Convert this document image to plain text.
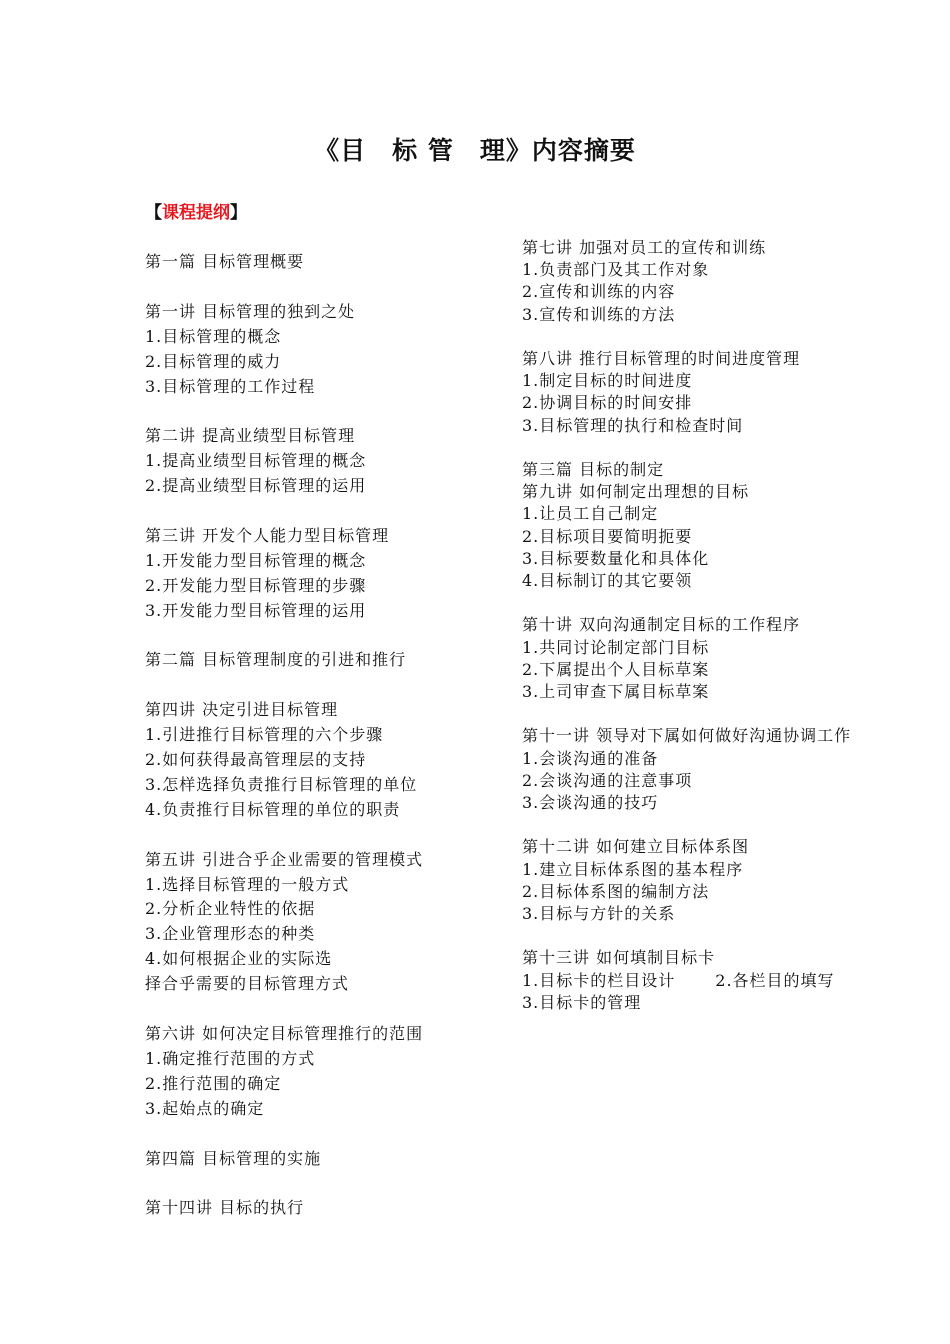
《目　标 管　理》内容摘要
【课程提纲】
第一篇 目标管理概要
第一讲 目标管理的独到之处
1.目标管理的概念
2.目标管理的威力
3.目标管理的工作过程
第二讲 提高业绩型目标管理
1.提高业绩型目标管理的概念
2.提高业绩型目标管理的运用
第三讲 开发个人能力型目标管理
1.开发能力型目标管理的概念
2.开发能力型目标管理的步骤
3.开发能力型目标管理的运用
第二篇 目标管理制度的引进和推行
第四讲 决定引进目标管理
1.引进推行目标管理的六个步骤
2.如何获得最高管理层的支持
3.怎样选择负责推行目标管理的单位
4.负责推行目标管理的单位的职责
第五讲 引进合乎企业需要的管理模式
1.选择目标管理的一般方式
2.分析企业特性的依据
3.企业管理形态的种类
4.如何根据企业的实际选
择合乎需要的目标管理方式
第六讲 如何决定目标管理推行的范围
1.确定推行范围的方式
2.推行范围的确定
3.起始点的确定
第四篇 目标管理的实施
第十四讲 目标的执行
第七讲 加强对员工的宣传和训练
1.负责部门及其工作对象
2.宣传和训练的内容
3.宣传和训练的方法
第八讲 推行目标管理的时间进度管理
1.制定目标的时间进度
2.协调目标的时间安排
3.目标管理的执行和检查时间
第三篇 目标的制定
第九讲 如何制定出理想的目标
1.让员工自己制定
2.目标项目要简明扼要
3.目标要数量化和具体化
4.目标制订的其它要领
第十讲 双向沟通制定目标的工作程序
1.共同讨论制定部门目标
2.下属提出个人目标草案
3.上司审查下属目标草案
第十一讲 领导对下属如何做好沟通协调工作
1.会谈沟通的准备
2.会谈沟通的注意事项
3.会谈沟通的技巧
第十二讲 如何建立目标体系图
1.建立目标体系图的基本程序
2.目标体系图的编制方法
3.目标与方针的关系
第十三讲 如何填制目标卡
1.目标卡的栏目设计	2.各栏目的填写
3.目标卡的管理
